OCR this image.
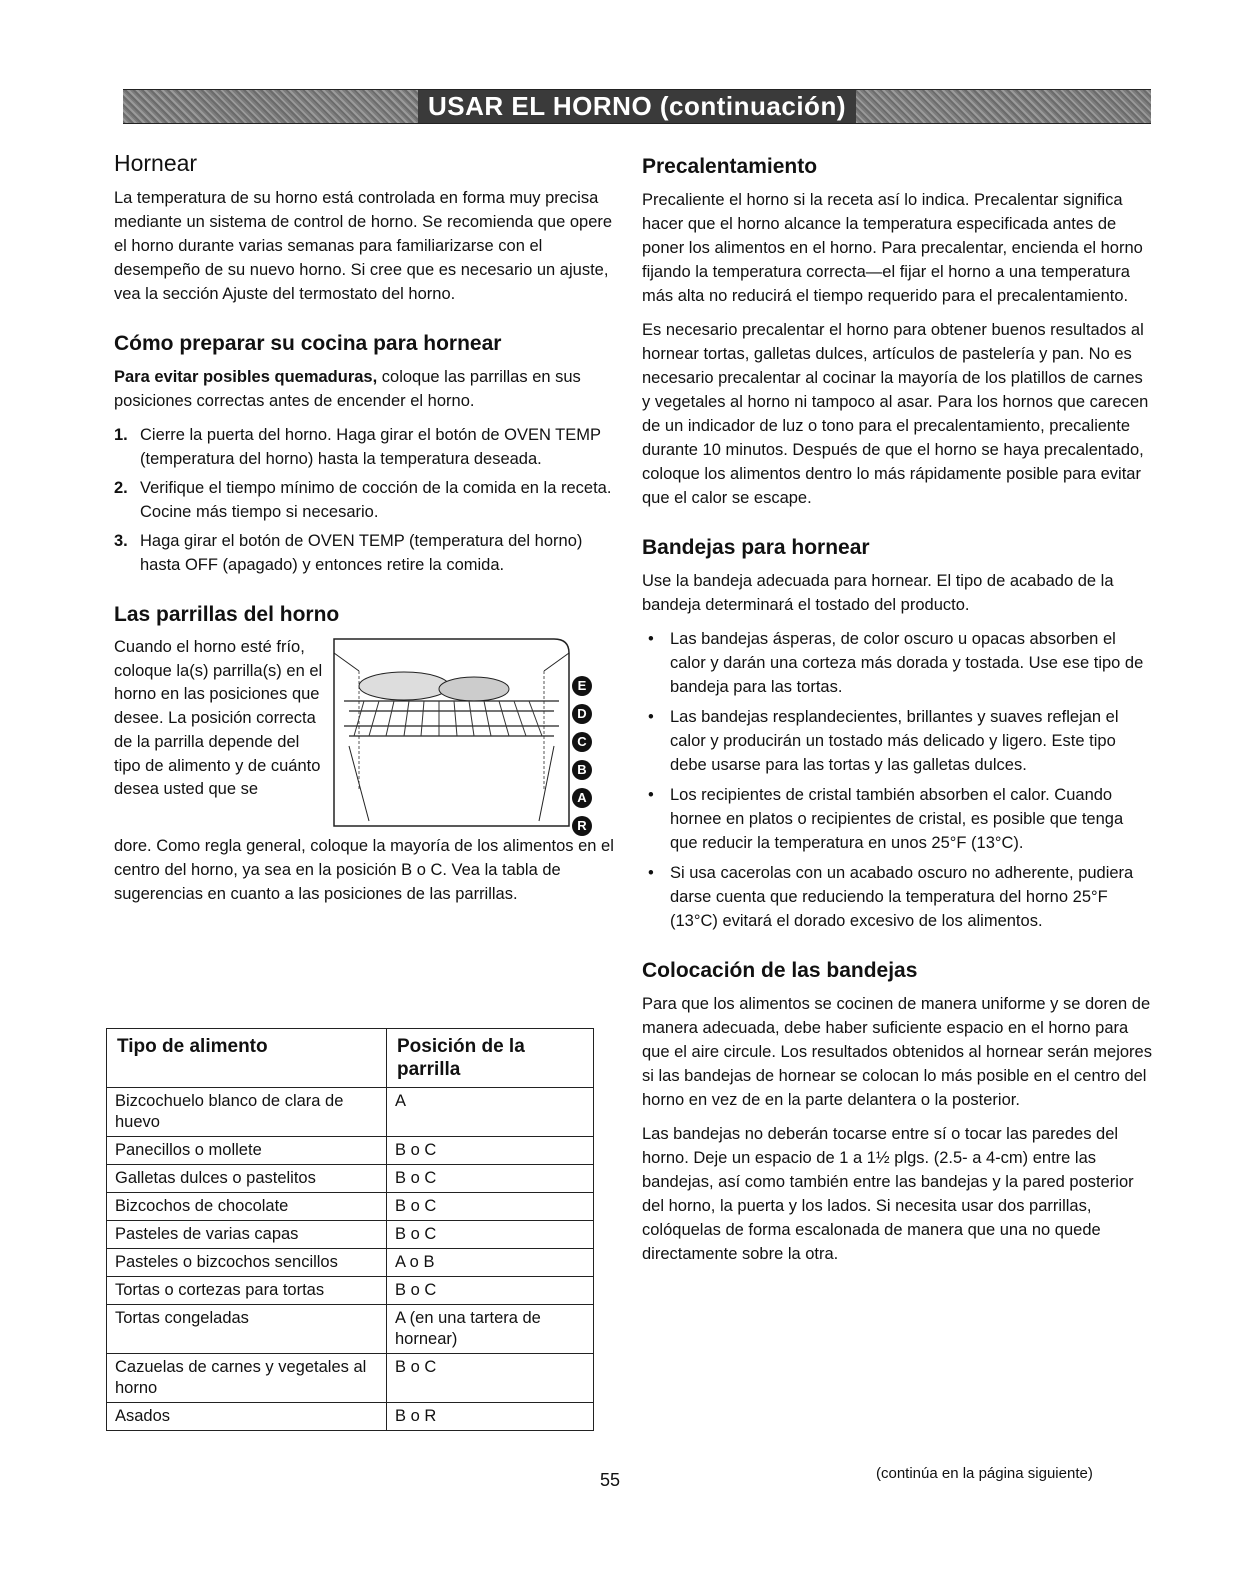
USAR EL HORNO (continuación)
Hornear

La temperatura de su horno está controlada en forma muy precisa mediante un sistema de control de horno. Se recomienda que opere el horno durante varias semanas para familiarizarse con el desempeño de su nuevo horno. Si cree que es necesario un ajuste, vea la sección Ajuste del termostato del horno.

Cómo preparar su cocina para hornear

Para evitar posibles quemaduras, coloque las parrillas en sus posiciones correctas antes de encender el horno.

1. Cierre la puerta del horno. Haga girar el botón de OVEN TEMP (temperatura del horno) hasta la temperatura deseada.
2. Verifique el tiempo mínimo de cocción de la comida en la receta. Cocine más tiempo si necesario.
3. Haga girar el botón de OVEN TEMP (temperatura del horno) hasta OFF (apagado) y entonces retire la comida.
Las parrillas del horno
Cuando el horno esté frío, coloque la(s) parrilla(s) en el horno en las posiciones que desee. La posición correcta de la parrilla depende del tipo de alimento y de cuánto desea usted que se
E
D
C
B
A
R

dore. Como regla general, coloque la mayoría de los alimentos en el centro del horno, ya sea en la posición B o C. Vea la tabla de sugerencias en cuanto a las posiciones de las parrillas.

Tipo de alimento	Posición de la parrilla
Bizcochuelo blanco de clara de huevo	A
Panecillos o mollete	B o C
Galletas dulces o pastelitos	B o C
Bizcochos de chocolate	B o C
Pasteles de varias capas	B o C
Pasteles o bizcochos sencillos	A o B
Tortas o cortezas para tortas	B o C
Tortas congeladas	A (en una tartera de hornear)
Cazuelas de carnes y vegetales al horno	B o C
Asados	B o R
Precalentamiento

Precaliente el horno si la receta así lo indica. Precalentar significa hacer que el horno alcance la temperatura especificada antes de poner los alimentos en el horno. Para precalentar, encienda el horno fijando la temperatura correcta—el fijar el horno a una temperatura más alta no reducirá el tiempo requerido para el precalentamiento.

Es necesario precalentar el horno para obtener buenos resultados al hornear tortas, galletas dulces, artículos de pastelería y pan. No es necesario precalentar al cocinar la mayoría de los platillos de carnes y vegetales al horno ni tampoco al asar. Para los hornos que carecen de un indicador de luz o tono para el precalentamiento, precaliente durante 10 minutos. Después de que el horno se haya precalentado, coloque los alimentos dentro lo más rápidamente posible para evitar que el calor se escape.

Bandejas para hornear

Use la bandeja adecuada para hornear. El tipo de acabado de la bandeja determinará el tostado del producto.

• Las bandejas ásperas, de color oscuro u opacas absorben el calor y darán una corteza más dorada y tostada. Use ese tipo de bandeja para las tortas.
• Las bandejas resplandecientes, brillantes y suaves reflejan el calor y producirán un tostado más delicado y ligero. Este tipo debe usarse para las tortas y las galletas dulces.
• Los recipientes de cristal también absorben el calor. Cuando hornee en platos o recipientes de cristal, es posible que tenga que reducir la temperatura en unos 25°F (13°C).
• Si usa cacerolas con un acabado oscuro no adherente, pudiera darse cuenta que reduciendo la temperatura del horno 25°F (13°C) evitará el dorado excesivo de los alimentos.
Colocación de las bandejas

Para que los alimentos se cocinen de manera uniforme y se doren de manera adecuada, debe haber suficiente espacio en el horno para que el aire circule. Los resultados obtenidos al hornear serán mejores si las bandejas de hornear se colocan lo más posible en el centro del horno en vez de en la parte delantera o la posterior.

Las bandejas no deberán tocarse entre sí o tocar las paredes del horno. Deje un espacio de 1 a 1½ plgs. (2.5- a 4-cm) entre las bandejas, así como también entre las bandejas y la pared posterior del horno, la puerta y los lados. Si necesita usar dos parrillas, colóquelas de forma escalonada de manera que una no quede directamente sobre la otra.

55	(continúa en la página siguiente)
